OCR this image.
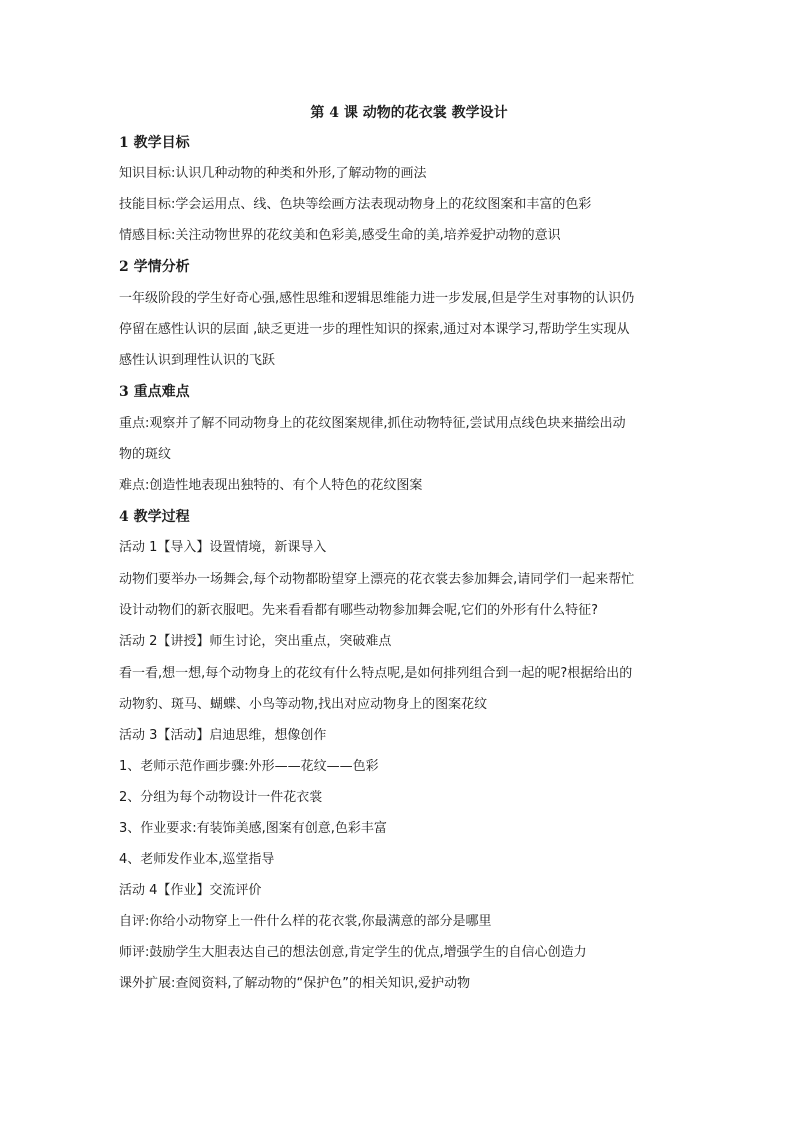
第 4 课 动物的花衣裳 教学设计
1 教学目标
知识目标:认识几种动物的种类和外形,了解动物的画法
技能目标:学会运用点、线、色块等绘画方法表现动物身上的花纹图案和丰富的色彩
情感目标:关注动物世界的花纹美和色彩美,感受生命的美,培养爱护动物的意识
2 学情分析
一年级阶段的学生好奇心强,感性思维和逻辑思维能力进一步发展,但是学生对事物的认识仍
停留在感性认识的层面 ,缺乏更进一步的理性知识的探索,通过对本课学习,帮助学生实现从
感性认识到理性认识的飞跃
3 重点难点
重点:观察并了解不同动物身上的花纹图案规律,抓住动物特征,尝试用点线色块来描绘出动
物的斑纹
难点:创造性地表现出独特的、有个人特色的花纹图案
4 教学过程
活动 1【导入】设置情境，新课导入
动物们要举办一场舞会,每个动物都盼望穿上漂亮的花衣裳去参加舞会,请同学们一起来帮忙
设计动物们的新衣服吧。先来看看都有哪些动物参加舞会呢,它们的外形有什么特征?
活动 2【讲授】师生讨论，突出重点，突破难点
看一看,想一想,每个动物身上的花纹有什么特点呢,是如何排列组合到一起的呢?根据给出的
动物豹、斑马、蝴蝶、小鸟等动物,找出对应动物身上的图案花纹
活动 3【活动】启迪思维，想像创作
1、老师示范作画步骤:外形——花纹——色彩
2、分组为每个动物设计一件花衣裳
3、作业要求:有装饰美感,图案有创意,色彩丰富
4、老师发作业本,巡堂指导
活动 4【作业】交流评价
自评:你给小动物穿上一件什么样的花衣裳,你最满意的部分是哪里
师评:鼓励学生大胆表达自己的想法创意,肯定学生的优点,增强学生的自信心创造力
课外扩展:查阅资料,了解动物的“保护色”的相关知识,爱护动物
